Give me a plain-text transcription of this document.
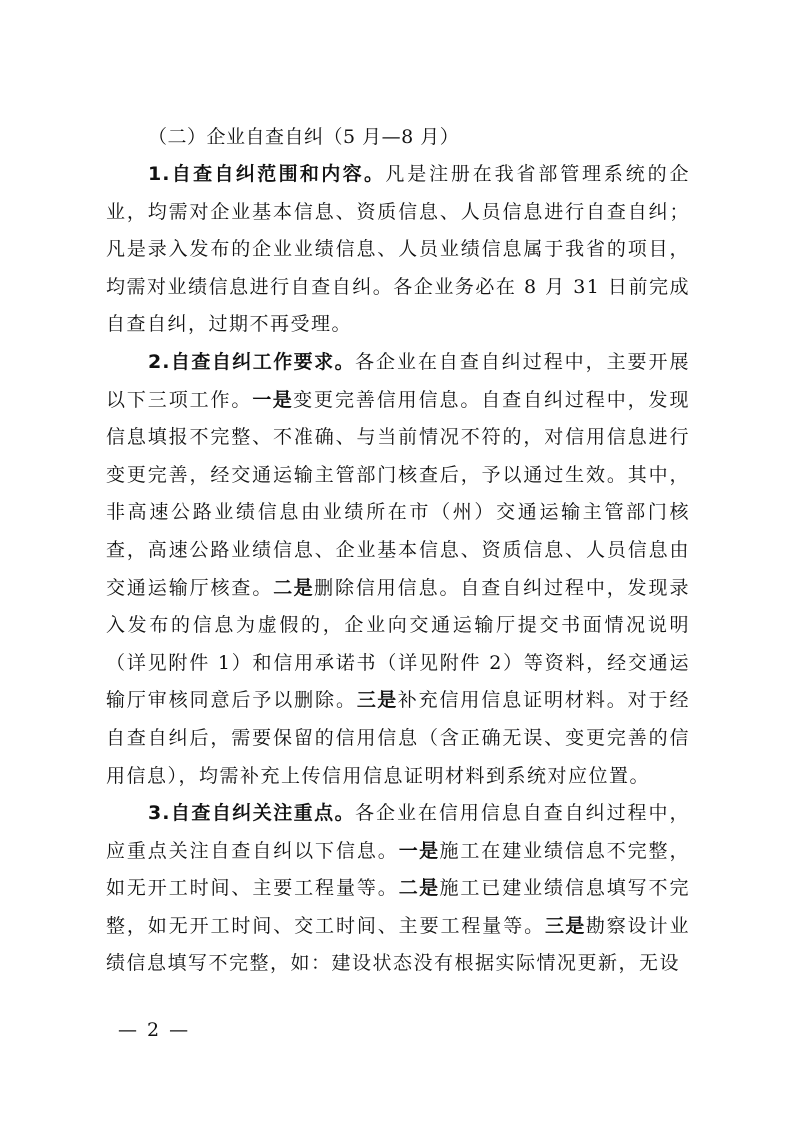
（二）企业自查自纠（5 月—8 月）

1.自查自纠范围和内容。凡是注册在我省部管理系统的企业，均需对企业基本信息、资质信息、人员信息进行自查自纠；凡是录入发布的企业业绩信息、人员业绩信息属于我省的项目，均需对业绩信息进行自查自纠。各企业务必在 8 月 31 日前完成自查自纠，过期不再受理。

2.自查自纠工作要求。各企业在自查自纠过程中，主要开展以下三项工作。一是变更完善信用信息。自查自纠过程中，发现信息填报不完整、不准确、与当前情况不符的，对信用信息进行变更完善，经交通运输主管部门核查后，予以通过生效。其中，非高速公路业绩信息由业绩所在市（州）交通运输主管部门核查，高速公路业绩信息、企业基本信息、资质信息、人员信息由交通运输厅核查。二是删除信用信息。自查自纠过程中，发现录入发布的信息为虚假的，企业向交通运输厅提交书面情况说明（详见附件 1）和信用承诺书（详见附件 2）等资料，经交通运输厅审核同意后予以删除。三是补充信用信息证明材料。对于经自查自纠后，需要保留的信用信息（含正确无误、变更完善的信用信息），均需补充上传信用信息证明材料到系统对应位置。

3.自查自纠关注重点。各企业在信用信息自查自纠过程中，应重点关注自查自纠以下信息。一是施工在建业绩信息不完整，如无开工时间、主要工程量等。二是施工已建业绩信息填写不完整，如无开工时间、交工时间、主要工程量等。三是勘察设计业绩信息填写不完整，如：建设状态没有根据实际情况更新，无设

— 2 —
